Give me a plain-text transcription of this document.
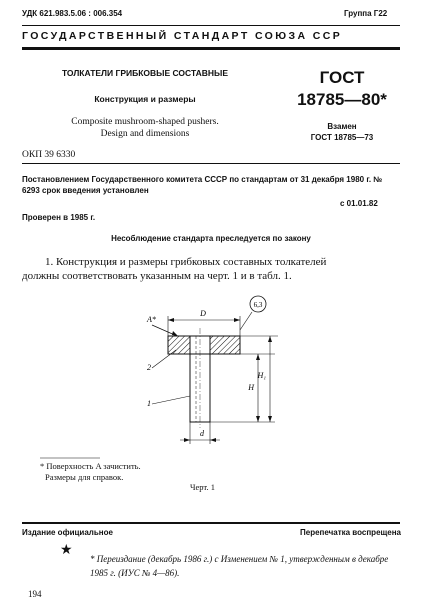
УДК 621.983.5.06 : 006.354	Группа Г22
ГОСУДАРСТВЕННЫЙ СТАНДАРТ СОЮЗА ССР
ТОЛКАТЕЛИ ГРИБКОВЫЕ СОСТАВНЫЕ
Конструкция и размеры
Composite mushroom-shaped pushers. Design and dimensions
ГОСТ
18785—80*
Взамен
ГОСТ 18785—73
ОКП 39 6330
Постановлением Государственного комитета СССР по стандартам от 31 декабря 1980 г. № 6293 срок введения установлен
с 01.01.82
Проверен в 1985 г.
Несоблюдение стандарта преследуется по закону
1. Конструкция и размеры грибковых составных толкателей
должны соответствовать указанным на черт. 1 и в табл. 1.
6,3
A*
D
2
1
H
H₁
d
* Поверхность A зачистить.
Размеры для справок.
Черт. 1
Издание официальное	Перепечатка воспрещена
★
* Переиздание (декабрь 1986 г.) с Изменением № 1, утвержденным в декабре 1985 г. (ИУС № 4—86).
194
